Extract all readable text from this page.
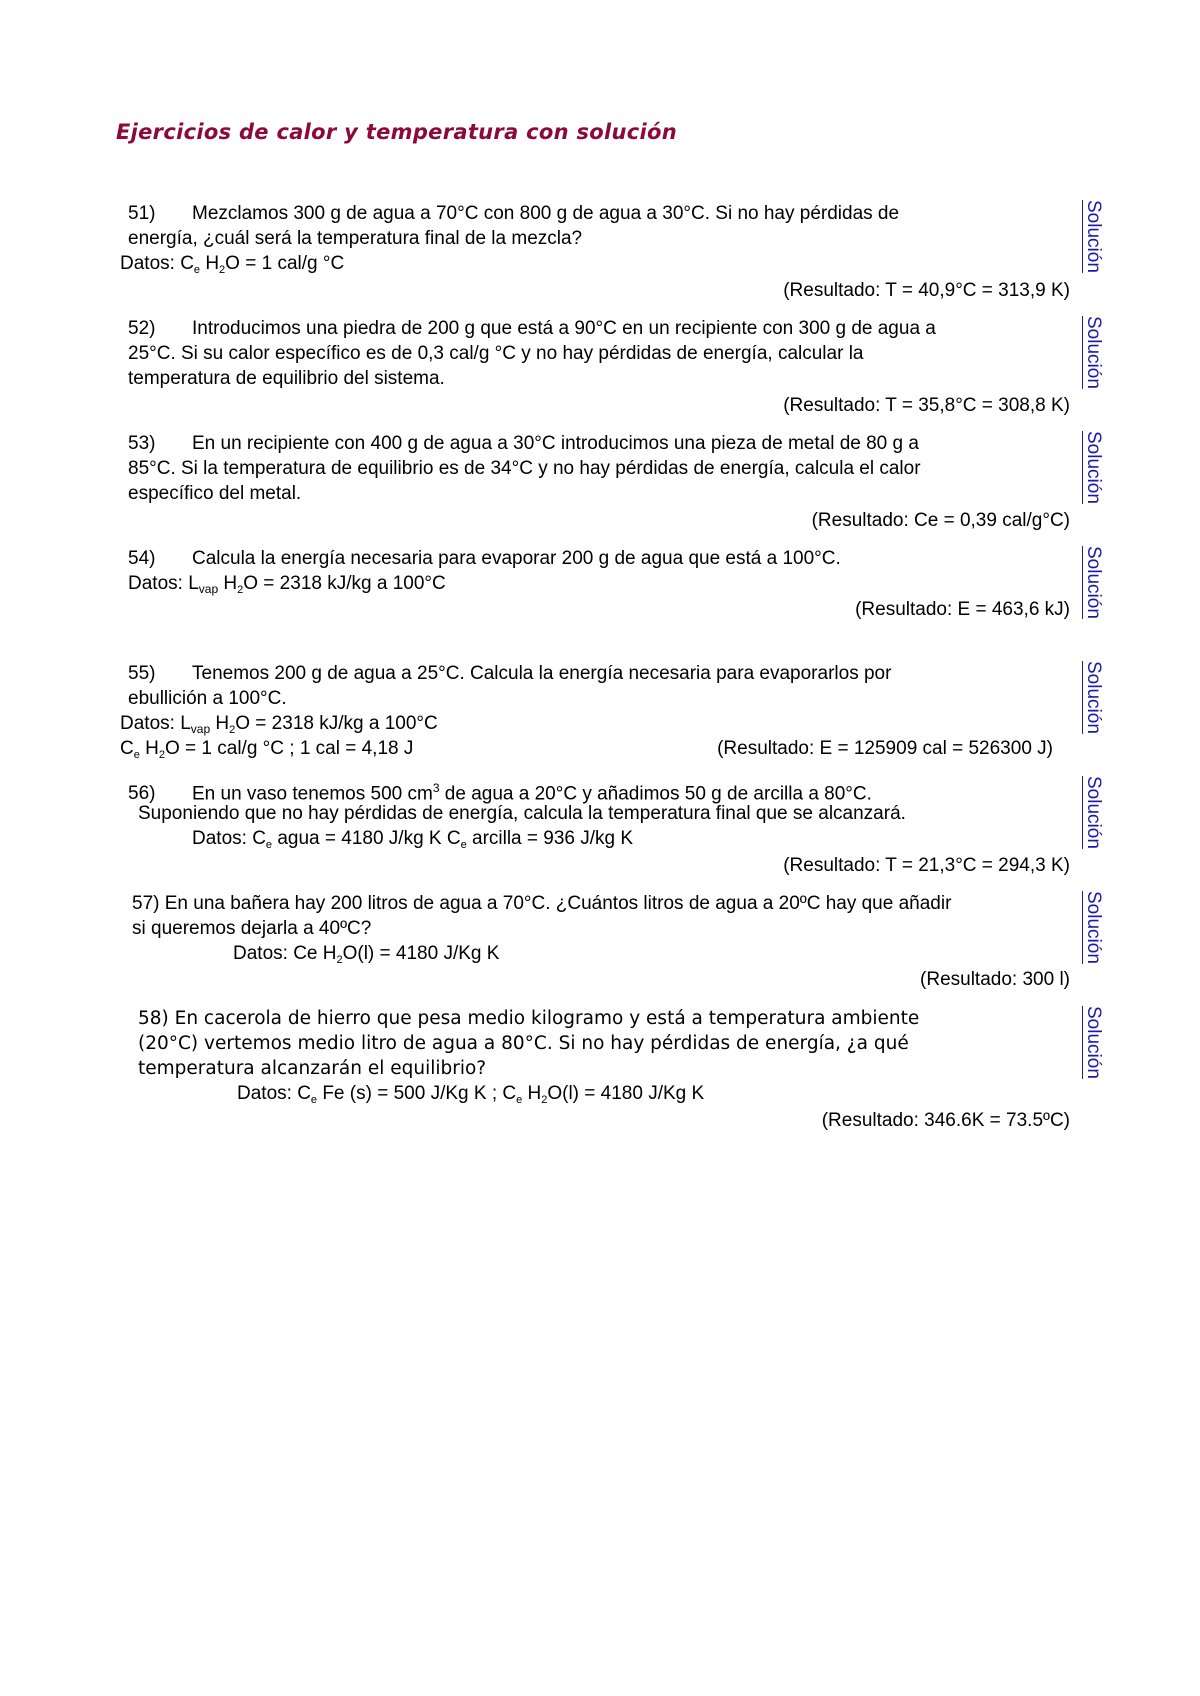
Ejercicios de calor y temperatura con solución
51) Mezclamos 300 g de agua a 70°C con 800 g de agua a 30°C. Si no hay pérdidas de
energía, ¿cuál será la temperatura final de la mezcla?
Datos: $C_e$ $H_2O = 1$ cal/g °C
(Resultado: T = 40,9°C = 313,9 K)
Solución
52) Introducimos una piedra de 200 g que está a 90°C en un recipiente con 300 g de agua a
25°C. Si su calor específico es de 0,3 cal/g °C y no hay pérdidas de energía, calcular la
temperatura de equilibrio del sistema.
(Resultado: T = 35,8°C = 308,8 K)
Solución
53) En un recipiente con 400 g de agua a 30°C introducimos una pieza de metal de 80 g a
85°C. Si la temperatura de equilibrio es de 34°C y no hay pérdidas de energía, calcula el calor
específico del metal.
(Resultado: Ce = 0,39 cal/g°C)
Solución
54) Calcula la energía necesaria para evaporar 200 g de agua que está a 100°C.
Datos: $L_{vap}$ $H_2O = 2318$ kJ/kg a 100°C
(Resultado: E = 463,6 kJ) Solución
55) Tenemos 200 g de agua a 25°C. Calcula la energía necesaria para evaporarlos por
ebullición a 100°C.
Datos: $L_{vap}$ $H_2O = 2318$ kJ/kg a 100°C
$C_e$ $H_2O = 1$ cal/g °C ; 1 cal = 4,18 J	(Resultado: E = 125909 cal = 526300 J)
Solución
56) En un vaso tenemos 500 $cm^3$ de agua a 20°C y añadimos 50 g de arcilla a 80°C.
Suponiendo que no hay pérdidas de energía, calcula la temperatura final que se alcanzará.
Datos: $C_e$ agua = 4180 J/kg K $C_e$ arcilla = 936 J/kg K
(Resultado: T = 21,3°C = 294,3 K)
Solución
57) En una bañera hay 200 litros de agua a 70°C. ¿Cuántos litros de agua a 20ºC hay que añadir
si queremos dejarla a 40ºC?
Datos: Ce $H_2O(l) = 4180$ J/Kg K
(Resultado: 300 l)
Solución
58) En cacerola de hierro que pesa medio kilogramo y está a temperatura ambiente
(20°C) vertemos medio litro de agua a 80°C. Si no hay pérdidas de energía, ¿a qué
temperatura alcanzarán el equilibrio?
Datos: $C_e$ Fe (s) = 500 J/Kg K ; $C_e$ $H_2O(l) = 4180$ J/Kg K
(Resultado: 346.6K = 73.5ºC)
Solución
